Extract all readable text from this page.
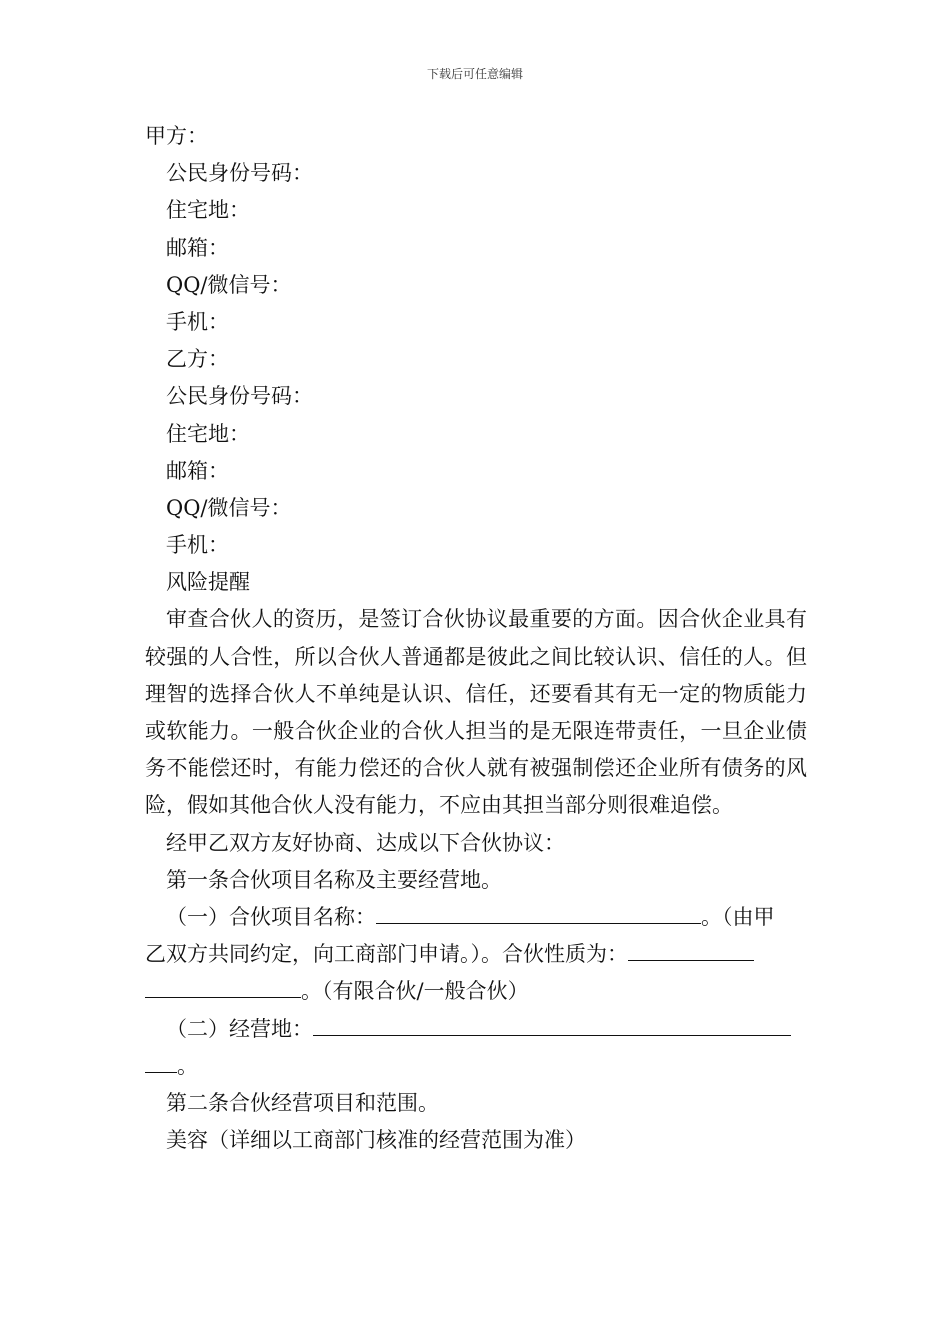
下载后可任意编辑
甲方：
公民身份号码：
住宅地：
邮箱：
QQ/微信号：
手机：
乙方：
公民身份号码：
住宅地：
邮箱：
QQ/微信号：
手机：
风险提醒
审查合伙人的资历，是签订合伙协议最重要的方面。因合伙企业具有较强的人合性，所以合伙人普通都是彼此之间比较认识、信任的人。但理智的选择合伙人不单纯是认识、信任，还要看其有无一定的物质能力或软能力。一般合伙企业的合伙人担当的是无限连带责任，一旦企业债务不能偿还时，有能力偿还的合伙人就有被强制偿还企业所有债务的风险，假如其他合伙人没有能力，不应由其担当部分则很难追偿。
经甲乙双方友好协商、达成以下合伙协议：
第一条合伙项目名称及主要经营地。
（一）合伙项目名称：	。（由甲
乙双方共同约定，向工商部门申请。）。合伙性质为：
。（有限合伙/一般合伙）
（二）经营地：
。
第二条合伙经营项目和范围。
美容（详细以工商部门核准的经营范围为准）
